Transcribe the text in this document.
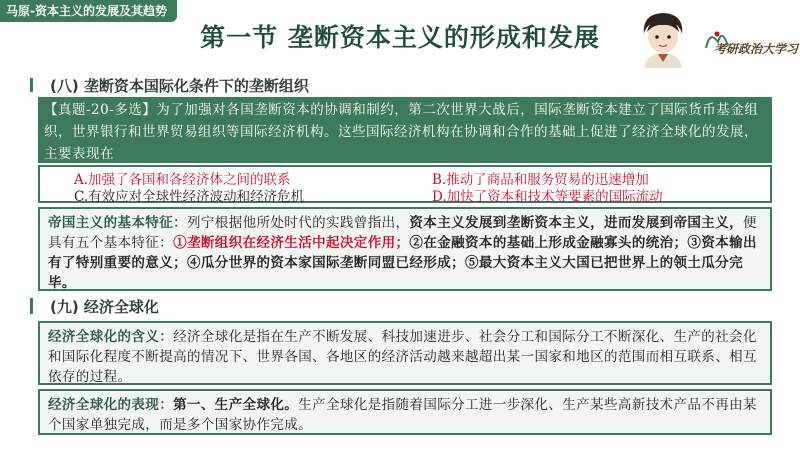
马原-资本主义的发展及其趋势
第一节 垄断资本主义的形成和发展	考研政治大学习
(八) 垄断资本国际化条件下的垄断组织
【真题-20-多选】为了加强对各国垄断资本的协调和制约，第二次世界大战后，国际垄断资本建立了国际货币基金组织，世界银行和世界贸易组织等国际经济机构。这些国际经济机构在协调和合作的基础上促进了经济全球化的发展，主要表现在
A.加强了各国和各经济体之间的联系	B.推动了商品和服务贸易的迅速增加
C.有效应对全球性经济波动和经济危机	D.加快了资本和技术等要素的国际流动
帝国主义的基本特征：列宁根据他所处时代的实践曾指出，资本主义发展到垄断资本主义，进而发展到帝国主义，便具有五个基本特征：①垄断组织在经济生活中起决定作用；②在金融资本的基础上形成金融寡头的统治；③资本输出有了特别重要的意义；④瓜分世界的资本家国际垄断同盟已经形成；⑤最大资本主义大国已把世界上的领土瓜分完毕。
(九) 经济全球化
经济全球化的含义：经济全球化是指在生产不断发展、科技加速进步、社会分工和国际分工不断深化、生产的社会化和国际化程度不断提高的情况下、世界各国、各地区的经济活动越来越超出某一国家和地区的范围而相互联系、相互依存的过程。
经济全球化的表现：第一、生产全球化。生产全球化是指随着国际分工进一步深化、生产某些高新技术产品不再由某个国家单独完成，而是多个国家协作完成。
